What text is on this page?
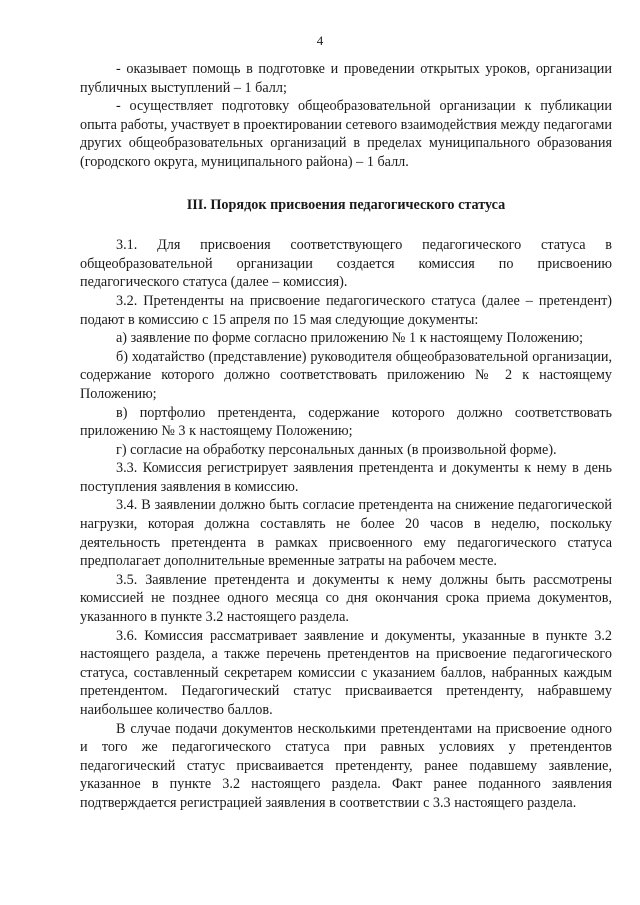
4

- оказывает помощь в подготовке и проведении открытых уроков, организации публичных выступлений – 1 балл;

- осуществляет подготовку общеобразовательной организации к публикации опыта работы, участвует в проектировании сетевого взаимодействия между педагогами других общеобразовательных организаций в пределах муниципального образования (городского округа, муниципального района) – 1 балл.

III. Порядок присвоения педагогического статуса

3.1. Для присвоения соответствующего педагогического статуса в общеобразовательной организации создается комиссия по присвоению педагогического статуса (далее – комиссия).

3.2. Претенденты на присвоение педагогического статуса (далее – претендент) подают в комиссию с 15 апреля по 15 мая следующие документы:

а) заявление по форме согласно приложению № 1 к настоящему Положению;

б) ходатайство (представление) руководителя общеобразовательной организации, содержание которого должно соответствовать приложению № 2 к настоящему Положению;

в) портфолио претендента, содержание которого должно соответствовать приложению № 3 к настоящему Положению;

г) согласие на обработку персональных данных (в произвольной форме).

3.3. Комиссия регистрирует заявления претендента и документы к нему в день поступления заявления в комиссию.

3.4. В заявлении должно быть согласие претендента на снижение педагогической нагрузки, которая должна составлять не более 20 часов в неделю, поскольку деятельность претендента в рамках присвоенного ему педагогического статуса предполагает дополнительные временные затраты на рабочем месте.

3.5. Заявление претендента и документы к нему должны быть рассмотрены комиссией не позднее одного месяца со дня окончания срока приема документов, указанного в пункте 3.2 настоящего раздела.

3.6. Комиссия рассматривает заявление и документы, указанные в пункте 3.2 настоящего раздела, а также перечень претендентов на присвоение педагогического статуса, составленный секретарем комиссии с указанием баллов, набранных каждым претендентом. Педагогический статус присваивается претенденту, набравшему наибольшее количество баллов.

В случае подачи документов несколькими претендентами на присвоение одного и того же педагогического статуса при равных условиях у претендентов педагогический статус присваивается претенденту, ранее подавшему заявление, указанное в пункте 3.2 настоящего раздела. Факт ранее поданного заявления подтверждается регистрацией заявления в соответствии с 3.3 настоящего раздела.
